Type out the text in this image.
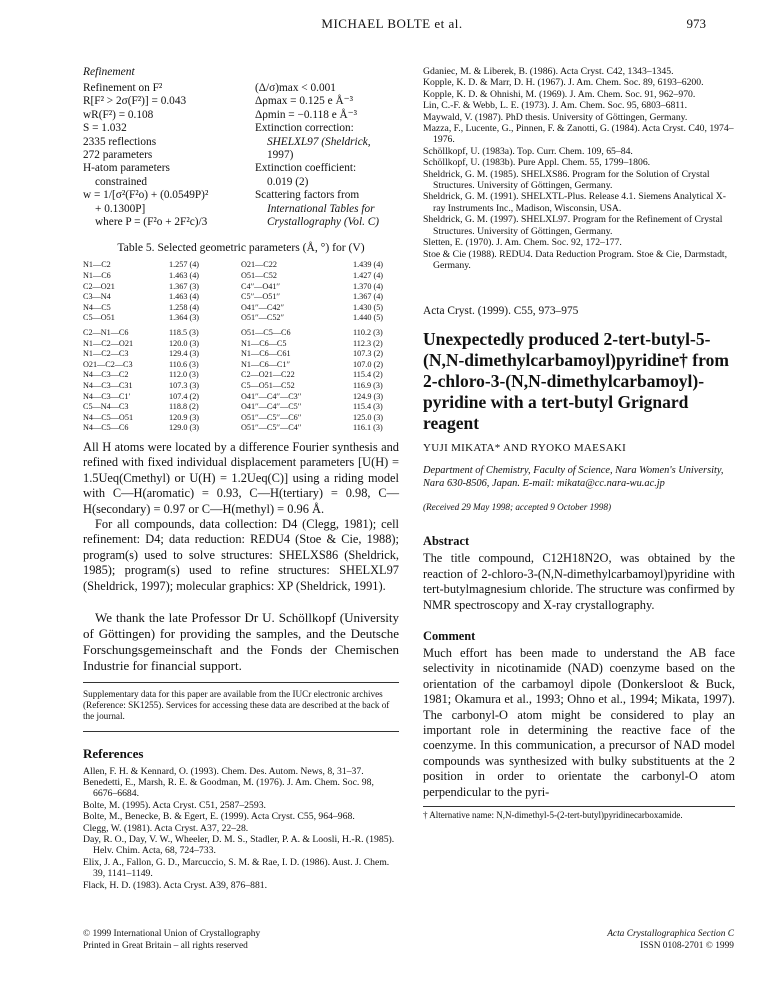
MICHAEL BOLTE et al.	973
Refinement
Refinement on F²
R[F² > 2σ(F²)] = 0.043
wR(F²) = 0.108
S = 1.032
2335 reflections
272 parameters
H-atom parameters
constrained
w = 1/[σ²(F²o) + (0.0549P)²
+ 0.1300P]
where P = (F²o + 2F²c)/3
(Δ/σ)max < 0.001
Δρmax = 0.125 e Å⁻³
Δρmin = −0.118 e Å⁻³
Extinction correction:
SHELXL97 (Sheldrick,
1997)
Extinction coefficient:
0.019 (2)
Scattering factors from
International Tables for
Crystallography (Vol. C)
Table 5. Selected geometric parameters (Å, °) for (V)
N1—C2
N1—C6
C2—O21
C3—N4
N4—C5
C5—O51
1.257 (4)
1.463 (4)
1.367 (3)
1.463 (4)
1.258 (4)
1.364 (3)
O21—C22
O51—C52
C4′′—O41′′
C5′′—O51′′
O41′′—C42′′
O51′′—C52′′
1.439 (4)
1.427 (4)
1.370 (4)
1.367 (4)
1.430 (5)
1.440 (5)
C2—N1—C6
N1—C2—O21
N1—C2—C3
O21—C2—C3
N4—C3—C2
N4—C3—C31
N4—C3—C1′
C5—N4—C3
N4—C5—O51
N4—C5—C6
118.5 (3)
120.0 (3)
129.4 (3)
110.6 (3)
112.0 (3)
107.3 (3)
107.4 (2)
118.8 (2)
120.9 (3)
129.0 (3)
O51—C5—C6
N1—C6—C5
N1—C6—C61
N1—C6—C1′′
C2—O21—C22
C5—O51—C52
O41′′—C4′′—C3′′
O41′′—C4′′—C5′′
O51′′—C5′′—C6′′
O51′′—C5′′—C4′′
110.2 (3)
112.3 (2)
107.3 (2)
107.0 (2)
115.4 (2)
116.9 (3)
124.9 (3)
115.4 (3)
125.0 (3)
116.1 (3)

All H atoms were located by a difference Fourier synthesis and refined with fixed individual displacement parameters [U(H) = 1.5Ueq(Cmethyl) or U(H) = 1.2Ueq(C)] using a riding model with C—H(aromatic) = 0.93, C—H(tertiary) = 0.98, C—H(secondary) = 0.97 or C—H(methyl) = 0.96 Å.

For all compounds, data collection: D4 (Clegg, 1981); cell refinement: D4; data reduction: REDU4 (Stoe & Cie, 1988); program(s) used to solve structures: SHELXS86 (Sheldrick, 1985); program(s) used to refine structures: SHELXL97 (Sheldrick, 1997); molecular graphics: XP (Sheldrick, 1991).

We thank the late Professor Dr U. Schöllkopf (University of Göttingen) for providing the samples, and the Deutsche Forschungsgemeinschaft and the Fonds der Chemischen Industrie for financial support.

Supplementary data for this paper are available from the IUCr electronic archives (Reference: SK1255). Services for accessing these data are described at the back of the journal.

References
Allen, F. H. & Kennard, O. (1993). Chem. Des. Autom. News, 8, 31–37.
Benedetti, E., Marsh, R. E. & Goodman, M. (1976). J. Am. Chem. Soc. 98, 6676–6684.
Bolte, M. (1995). Acta Cryst. C51, 2587–2593.
Bolte, M., Benecke, B. & Egert, E. (1999). Acta Cryst. C55, 964–968.
Clegg, W. (1981). Acta Cryst. A37, 22–28.
Day, R. O., Day, V. W., Wheeler, D. M. S., Stadler, P. A. & Loosli, H.-R. (1985). Helv. Chim. Acta, 68, 724–733.
Elix, J. A., Fallon, G. D., Marcuccio, S. M. & Rae, I. D. (1986). Aust. J. Chem. 39, 1141–1149.
Flack, H. D. (1983). Acta Cryst. A39, 876–881.
Gdaniec, M. & Liberek, B. (1986). Acta Cryst. C42, 1343–1345.
Kopple, K. D. & Marr, D. H. (1967). J. Am. Chem. Soc. 89, 6193–6200.
Kopple, K. D. & Ohnishi, M. (1969). J. Am. Chem. Soc. 91, 962–970.
Lin, C.-F. & Webb, L. E. (1973). J. Am. Chem. Soc. 95, 6803–6811.
Maywald, V. (1987). PhD thesis. University of Göttingen, Germany.
Mazza, F., Lucente, G., Pinnen, F. & Zanotti, G. (1984). Acta Cryst. C40, 1974–1976.
Schöllkopf, U. (1983a). Top. Curr. Chem. 109, 65–84.
Schöllkopf, U. (1983b). Pure Appl. Chem. 55, 1799–1806.
Sheldrick, G. M. (1985). SHELXS86. Program for the Solution of Crystal Structures. University of Göttingen, Germany.
Sheldrick, G. M. (1991). SHELXTL-Plus. Release 4.1. Siemens Analytical X-ray Instruments Inc., Madison, Wisconsin, USA.
Sheldrick, G. M. (1997). SHELXL97. Program for the Refinement of Crystal Structures. University of Göttingen, Germany.
Sletten, E. (1970). J. Am. Chem. Soc. 92, 172–177.
Stoe & Cie (1988). REDU4. Data Reduction Program. Stoe & Cie, Darmstadt, Germany.
Acta Cryst. (1999). C55, 973–975
Unexpectedly produced 2-tert-butyl-5-(N,N-dimethylcarbamoyl)pyridine† from 2-chloro-3-(N,N-dimethylcarbamoyl)-pyridine with a tert-butyl Grignard reagent
YUJI MIKATA* AND RYOKO MAESAKI
Department of Chemistry, Faculty of Science, Nara Women's University, Nara 630-8506, Japan. E-mail: mikata@cc.nara-wu.ac.jp
(Received 29 May 1998; accepted 9 October 1998)
Abstract

The title compound, C12H18N2O, was obtained by the reaction of 2-chloro-3-(N,N-dimethylcarbamoyl)pyridine with tert-butylmagnesium chloride. The structure was confirmed by NMR spectroscopy and X-ray crystallography.

Comment

Much effort has been made to understand the AB face selectivity in nicotinamide (NAD) coenzyme based on the orientation of the carbamoyl dipole (Donkersloot & Buck, 1981; Okamura et al., 1993; Ohno et al., 1994; Mikata, 1997). The carbonyl-O atom might be considered to play an important role in determining the reactive face of the coenzyme. In this communication, a precursor of NAD model compounds was synthesized with bulky substituents at the 2 position in order to orientate the carbonyl-O atom perpendicular to the pyri-

† Alternative name: N,N-dimethyl-5-(2-tert-butyl)pyridinecarboxamide.
© 1999 International Union of Crystallography
Printed in Great Britain – all rights reserved
Acta Crystallographica Section C
ISSN 0108-2701 © 1999
